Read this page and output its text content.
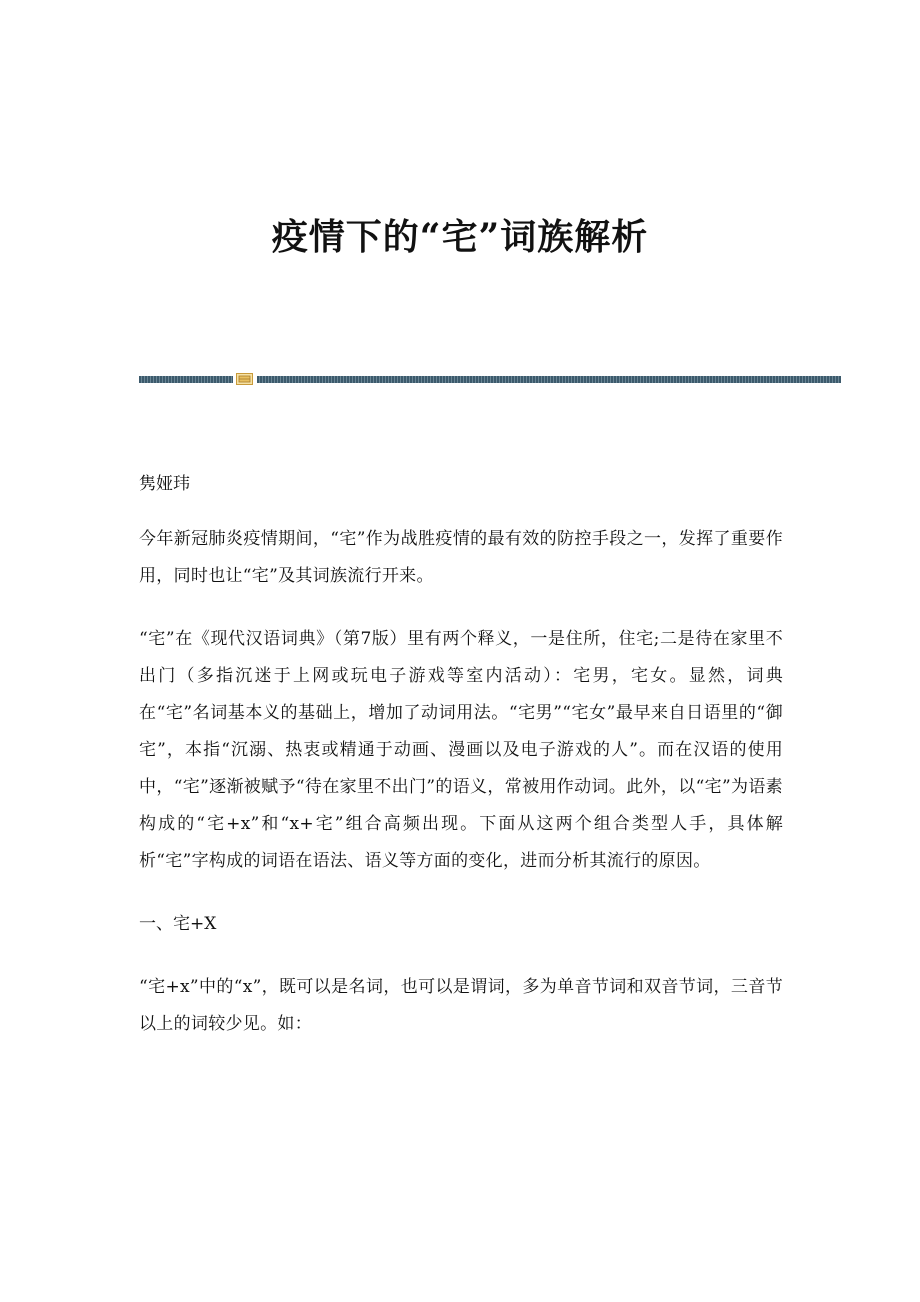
疫情下的“宅”词族解析

隽娅玮

今年新冠肺炎疫情期间，“宅”作为战胜疫情的最有效的防控手段之一，发挥了重要作用，同时也让“宅”及其词族流行开来。

“宅”在《现代汉语词典》（第7版）里有两个释义，一是住所，住宅;二是待在家里不出门（多指沉迷于上网或玩电子游戏等室内活动）：宅男，宅女。显然，词典在“宅”名词基本义的基础上，增加了动词用法。“宅男”“宅女”最早来自日语里的“御宅”，本指“沉溺、热衷或精通于动画、漫画以及电子游戏的人”。而在汉语的使用中，“宅”逐渐被赋予“待在家里不出门”的语义，常被用作动词。此外，以“宅”为语素构成的“宅+x”和“x+宅”组合高频出现。下面从这两个组合类型人手，具体解析“宅”字构成的词语在语法、语义等方面的变化，进而分析其流行的原因。

一、宅+X

“宅+x”中的“x”，既可以是名词，也可以是谓词，多为单音节词和双音节词，三音节以上的词较少见。如：
